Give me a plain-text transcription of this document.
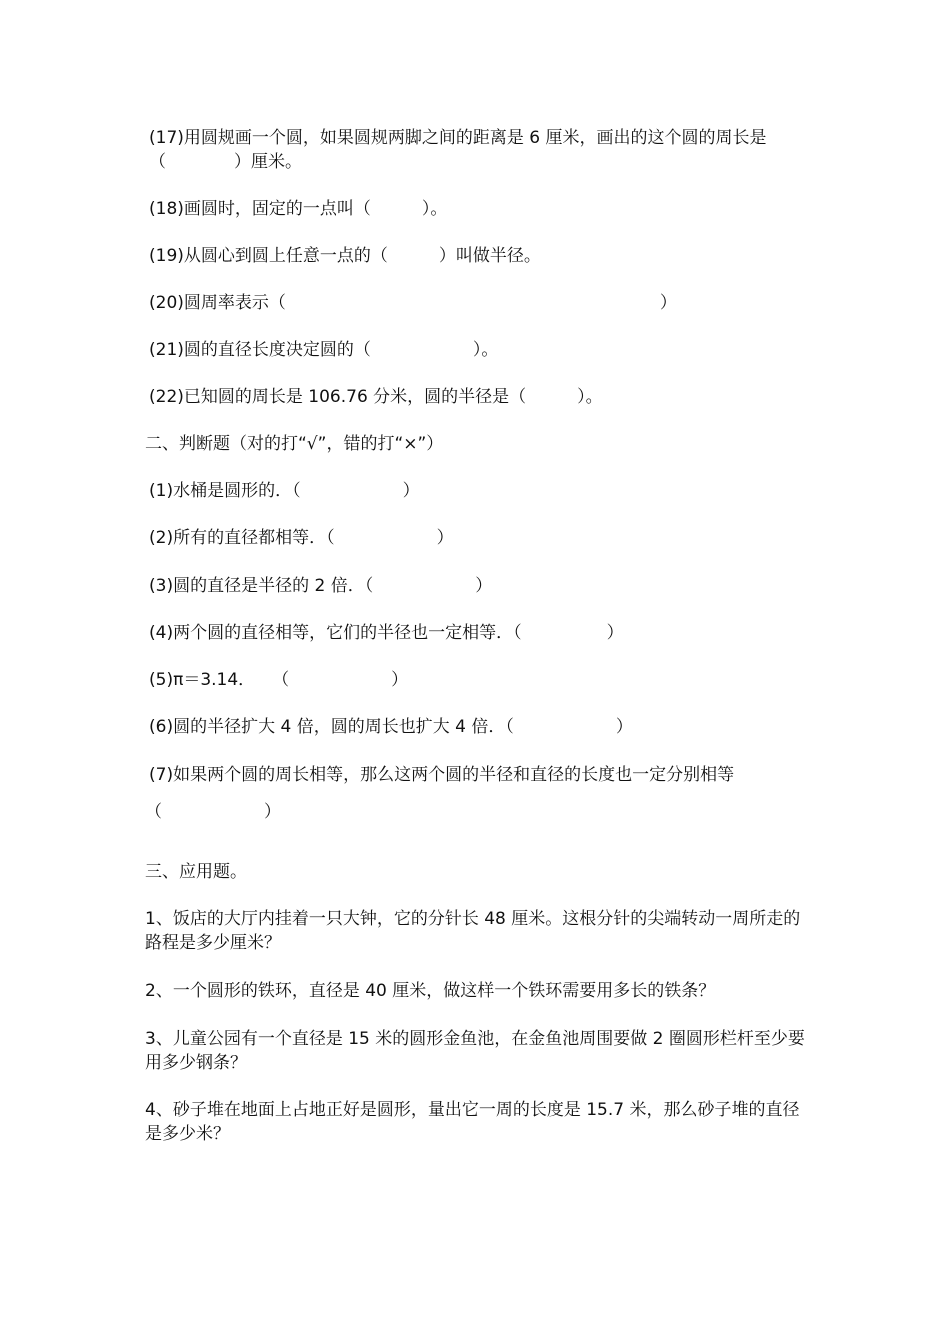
(17)用圆规画一个圆，如果圆规两脚之间的距离是 6 厘米，画出的这个圆的周长是（　　　　）厘米。
(18)画圆时，固定的一点叫（　　　）。
(19)从圆心到圆上任意一点的（　　　）叫做半径。
(20)圆周率表示（　　　　　　　　　　　　　　　　　　　　　　）
(21)圆的直径长度决定圆的（　　　　　　）。
(22)已知圆的周长是 106.76 分米，圆的半径是（　　　）。
二、判断题（对的打“√”，错的打“×”）
(1)水桶是圆形的．（　　　　　　）
(2)所有的直径都相等．（　　　　　　）
(3)圆的直径是半径的 2 倍．（　　　　　　）
(4)两个圆的直径相等，它们的半径也一定相等．（　　　　　）
(5)π＝3.14．　　（　　　　　　）
(6)圆的半径扩大 4 倍，圆的周长也扩大 4 倍．（　　　　　　）
(7)如果两个圆的周长相等，那么这两个圆的半径和直径的长度也一定分别相等
（　　　　　　）
三、应用题。
1、饭店的大厅内挂着一只大钟，它的分针长 48 厘米。这根分针的尖端转动一周所走的路程是多少厘米？
2、一个圆形的铁环，直径是 40 厘米，做这样一个铁环需要用多长的铁条？
3、儿童公园有一个直径是 15 米的圆形金鱼池，在金鱼池周围要做 2 圈圆形栏杆至少要用多少钢条？
4、砂子堆在地面上占地正好是圆形，量出它一周的长度是 15.7 米，那么砂子堆的直径是多少米？
